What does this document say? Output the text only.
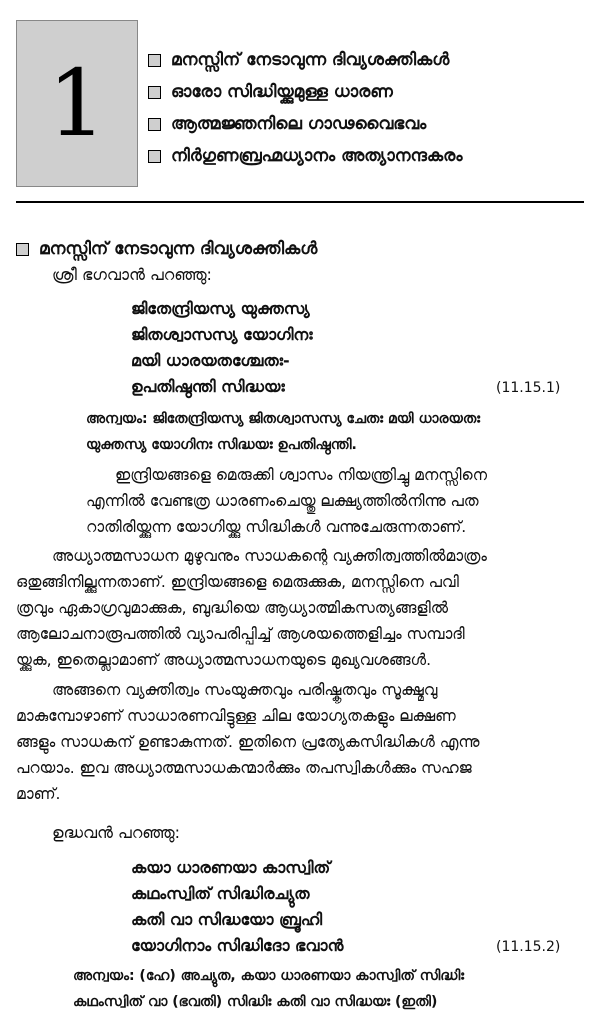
1	മനസ്സിന് നേടാവുന്ന ദിവ്യശക്തികൾ
ഓരോ സിദ്ധിയ്ക്കുമുള്ള ധാരണ
ആത്മജ്ഞനിലെ ഗാഢവൈഭവം
നിർഗുണബ്രഹ്മധ്യാനം അത്യാനന്ദകരം
മനസ്സിന് നേടാവുന്ന ദിവ്യശക്തികൾ
ശ്രീ ഭഗവാൻ പറഞ്ഞു:
ജിതേന്ദ്രിയസ്യ യുക്തസ്യ
ജിതശ്വാസസ്യ യോഗിനഃ
മയി ധാരയതശ്ചേതഃ-
ഉപതിഷ്ഠന്തി സിദ്ധയഃ	(11.15.1)
അന്വയം: ജിതേന്ദ്രിയസ്യ ജിതശ്വാസസ്യ ചേതഃ മയി ധാരയതഃ
യുക്തസ്യ യോഗിനഃ സിദ്ധയഃ ഉപതിഷ്ഠന്തി.
ഇന്ദ്രിയങ്ങളെ മെരുക്കി ശ്വാസം നിയന്ത്രിച്ചു മനസ്സിനെ
എന്നിൽ വേണ്ടത്ര ധാരണംചെയ്തു ലക്ഷ്യത്തിൽനിന്നു പത
റാതിരിയ്ക്കുന്ന യോഗിയ്ക്കു സിദ്ധികൾ വന്നുചേരുന്നതാണ്.
അധ്യാത്മസാധന മുഴുവനും സാധകന്റെ വ്യക്തിത്വത്തിൽമാത്രം
ഒതുങ്ങിനില്ക്കുന്നതാണ്. ഇന്ദ്രിയങ്ങളെ മെരുക്കുക, മനസ്സിനെ പവി
ത്രവും ഏകാഗ്രവുമാക്കുക, ബുദ്ധിയെ ആധ്യാത്മികസത്യങ്ങളിൽ
ആലോചനാരൂപത്തിൽ വ്യാപരിപ്പിച്ച് ആശയത്തെളിച്ചം സമ്പാദി
യ്ക്കുക, ഇതെല്ലാമാണ് അധ്യാത്മസാധനയുടെ മുഖ്യവശങ്ങൾ.
അങ്ങനെ വ്യക്തിത്വം സംയുക്തവും പരിഷ്കൃതവും സൂക്ഷ്മവു
മാകുമ്പോഴാണ് സാധാരണവിട്ടുള്ള ചില യോഗ്യതകളും ലക്ഷണ
ങ്ങളും സാധകന് ഉണ്ടാകുന്നത്. ഇതിനെ പ്രത്യേകസിദ്ധികൾ എന്നു
പറയാം. ഇവ അധ്യാത്മസാധകന്മാർക്കും തപസ്വികൾക്കും സഹജ
മാണ്.
ഉദ്ധവൻ പറഞ്ഞു:
കയാ ധാരണയാ കാസ്വിത്
കഥംസ്വിത് സിദ്ധിരച്യുത
കതി വാ സിദ്ധയോ ബ്രൂഹി
യോഗിനാം സിദ്ധിദോ ഭവാൻ	(11.15.2)
അന്വയം: (ഹേ) അച്യുത, കയാ ധാരണയാ കാസ്വിത് സിദ്ധിഃ
കഥംസ്വിത് വാ (ഭവതി) സിദ്ധിഃ കതി വാ സിദ്ധയഃ (ഇതി)
